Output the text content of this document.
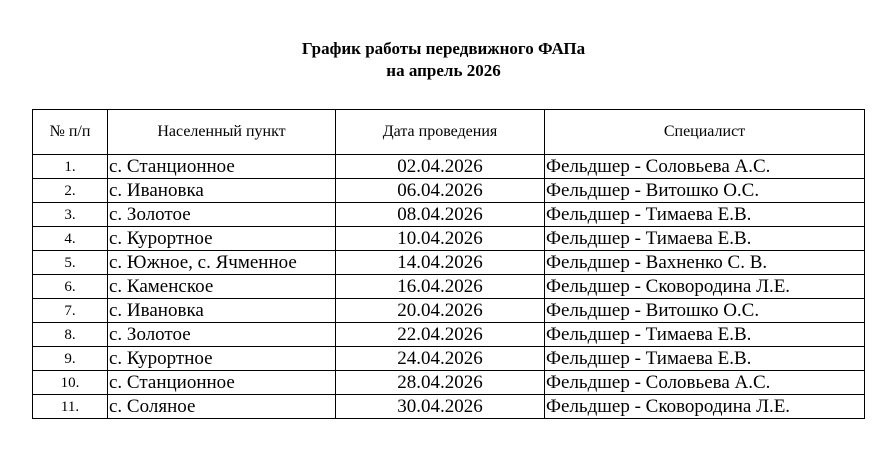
График работы передвижного ФАПа
на апрель 2026
№ п/п	Населенный пункт	Дата проведения	Специалист
1.	с. Станционное	02.04.2026	Фельдшер - Соловьева А.С.
2.	с. Ивановка	06.04.2026	Фельдшер - Витошко О.С.
3.	с. Золотое	08.04.2026	Фельдшер - Тимаева Е.В.
4.	с. Курортное	10.04.2026	Фельдшер - Тимаева Е.В.
5.	с. Южное, с. Ячменное	14.04.2026	Фельдшер - Вахненко С. В.
6.	с. Каменское	16.04.2026	Фельдшер - Сковородина Л.Е.
7.	с. Ивановка	20.04.2026	Фельдшер - Витошко О.С.
8.	с. Золотое	22.04.2026	Фельдшер - Тимаева Е.В.
9.	с. Курортное	24.04.2026	Фельдшер - Тимаева Е.В.
10.	с. Станционное	28.04.2026	Фельдшер - Соловьева А.С.
11.	с. Соляное	30.04.2026	Фельдшер - Сковородина Л.Е.
